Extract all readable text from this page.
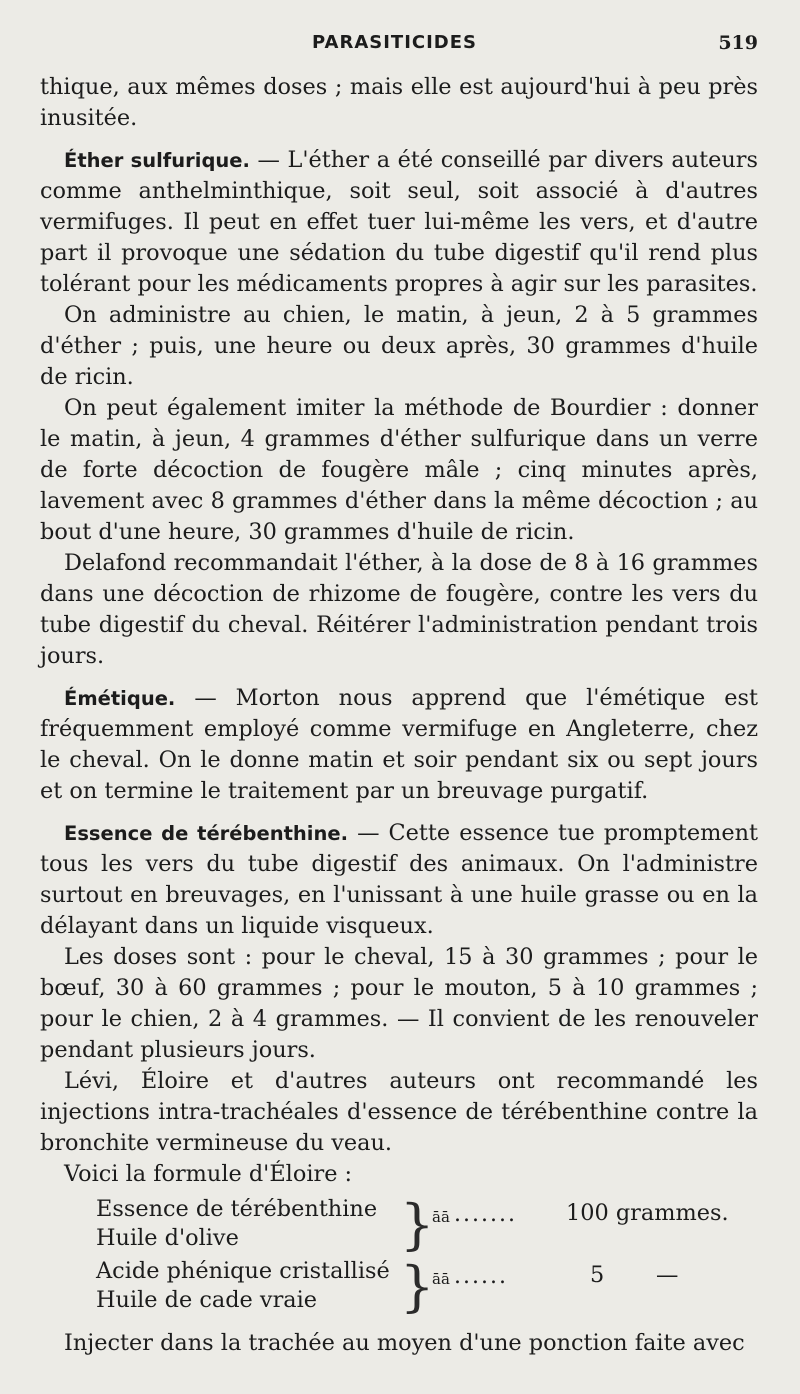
PARASITICIDES	519

thique, aux mêmes doses ; mais elle est aujourd'hui à peu près inusitée.

Éther sulfurique. — L'éther a été conseillé par divers auteurs comme anthelminthique, soit seul, soit associé à d'autres vermifuges. Il peut en effet tuer lui-même les vers, et d'autre part il provoque une sédation du tube digestif qu'il rend plus tolérant pour les médicaments propres à agir sur les parasites.

On administre au chien, le matin, à jeun, 2 à 5 grammes d'éther ; puis, une heure ou deux après, 30 grammes d'huile de ricin.

On peut également imiter la méthode de Bourdier : donner le matin, à jeun, 4 grammes d'éther sulfurique dans un verre de forte décoction de fougère mâle ; cinq minutes après, lavement avec 8 grammes d'éther dans la même décoction ; au bout d'une heure, 30 grammes d'huile de ricin.

Delafond recommandait l'éther, à la dose de 8 à 16 grammes dans une décoction de rhizome de fougère, contre les vers du tube digestif du cheval. Réitérer l'administration pendant trois jours.

Émétique. — Morton nous apprend que l'émétique est fréquemment employé comme vermifuge en Angleterre, chez le cheval. On le donne matin et soir pendant six ou sept jours et on termine le traitement par un breuvage purgatif.

Essence de térébenthine. — Cette essence tue promptement tous les vers du tube digestif des animaux. On l'administre surtout en breuvages, en l'unissant à une huile grasse ou en la délayant dans un liquide visqueux.

Les doses sont : pour le cheval, 15 à 30 grammes ; pour le bœuf, 30 à 60 grammes ; pour le mouton, 5 à 10 grammes ; pour le chien, 2 à 4 grammes. — Il convient de les renouveler pendant plusieurs jours.

Lévi, Éloire et d'autres auteurs ont recommandé les injections intra-trachéales d'essence de térébenthine contre la bronchite vermineuse du veau.

Voici la formule d'Éloire :

Essence de térébenthine
Huile d'olive	}
āā ....... 100 grammes.
Acide phénique cristallisé
Huile de cade vraie }
āā ......	5 —

Injecter dans la trachée au moyen d'une ponction faite avec
